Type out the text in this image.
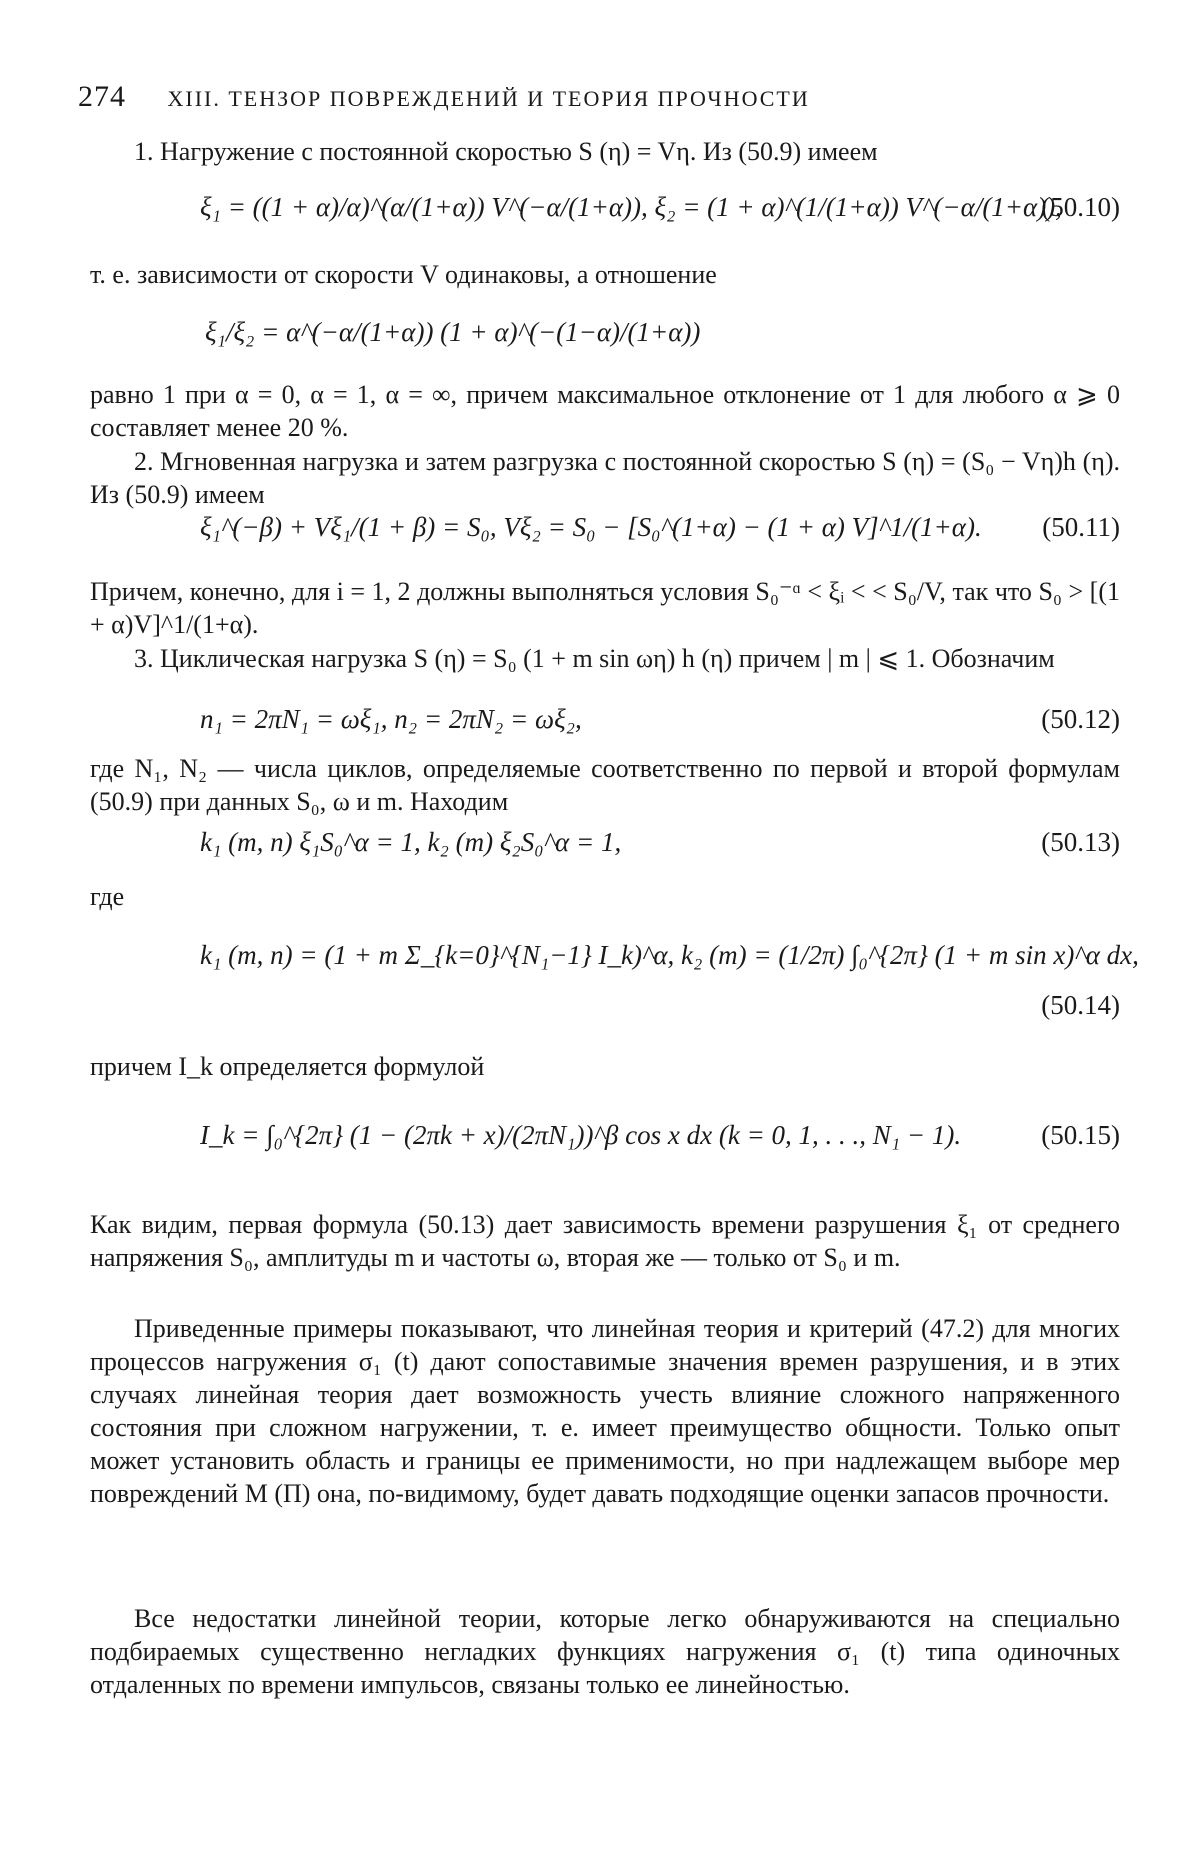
274 XIII. ТЕНЗОР ПОВРЕЖДЕНИЙ И ТЕОРИЯ ПРОЧНОСТИ

1. Нагружение с постоянной скоростью S (η) = Vη. Из (50.9) имеем

ξ₁ = ((1 + α)/α)^(α/(1+α)) V^(−α/(1+α)), ξ₂ = (1 + α)^(1/(1+α)) V^(−α/(1+α)),
(50.10)

т. е. зависимости от скорости V одинаковы, а отношение

ξ₁/ξ₂ = α^(−α/(1+α)) (1 + α)^(−(1−α)/(1+α))

равно 1 при α = 0, α = 1, α = ∞, причем максимальное отклонение от 1 для любого α ⩾ 0 составляет менее 20 %.

2. Мгновенная нагрузка и затем разгрузка с постоянной скоростью S (η) = (S₀ − Vη)h (η). Из (50.9) имеем

ξ₁^(−β) + Vξ₁/(1 + β) = S₀, Vξ₂ = S₀ − [S₀^(1+α) − (1 + α) V]^1/(1+α). (50.11)

Причем, конечно, для i = 1, 2 должны выполняться условия S₀⁻ᵅ < ξᵢ < < S₀/V, так что S₀ > [(1 + α)V]^1/(1+α).

3. Циклическая нагрузка S (η) = S₀ (1 + m sin ωη) h (η) причем | m | ⩽ 1. Обозначим

n₁ = 2πN₁ = ωξ₁, n₂ = 2πN₂ = ωξ₂,	(50.12)

где N₁, N₂ — числа циклов, определяемые соответственно по первой и второй формулам (50.9) при данных S₀, ω и m. Находим

k₁ (m, n) ξ₁S₀^α = 1, k₂ (m) ξ₂S₀^α = 1,	(50.13)

где

k₁ (m, n) = (1 + m Σ_{k=0}^{N₁−1} I_k)^α, k₂ (m) = (1/2π) ∫₀^{2π} (1 + m sin x)^α dx,
(50.14)

причем I_k определяется формулой

I_k = ∫₀^{2π} (1 − (2πk + x)/(2πN₁))^β cos x dx (k = 0, 1, . . ., N₁ − 1).	(50.15)

Как видим, первая формула (50.13) дает зависимость времени разрушения ξ₁ от среднего напряжения S₀, амплитуды m и частоты ω, вторая же — только от S₀ и m.

Приведенные примеры показывают, что линейная теория и критерий (47.2) для многих процессов нагружения σ₁ (t) дают сопоставимые значения времен разрушения, и в этих случаях линейная теория дает возможность учесть влияние сложного напряженного состояния при сложном нагружении, т. е. имеет преимущество общности. Только опыт может установить область и границы ее применимости, но при надлежащем выборе мер повреждений M (П) она, по-видимому, будет давать подходящие оценки запасов прочности.

Все недостатки линейной теории, которые легко обнаруживаются на специально подбираемых существенно негладких функциях нагружения σ₁ (t) типа одиночных отдаленных по времени импульсов, связаны только ее линейностью.
